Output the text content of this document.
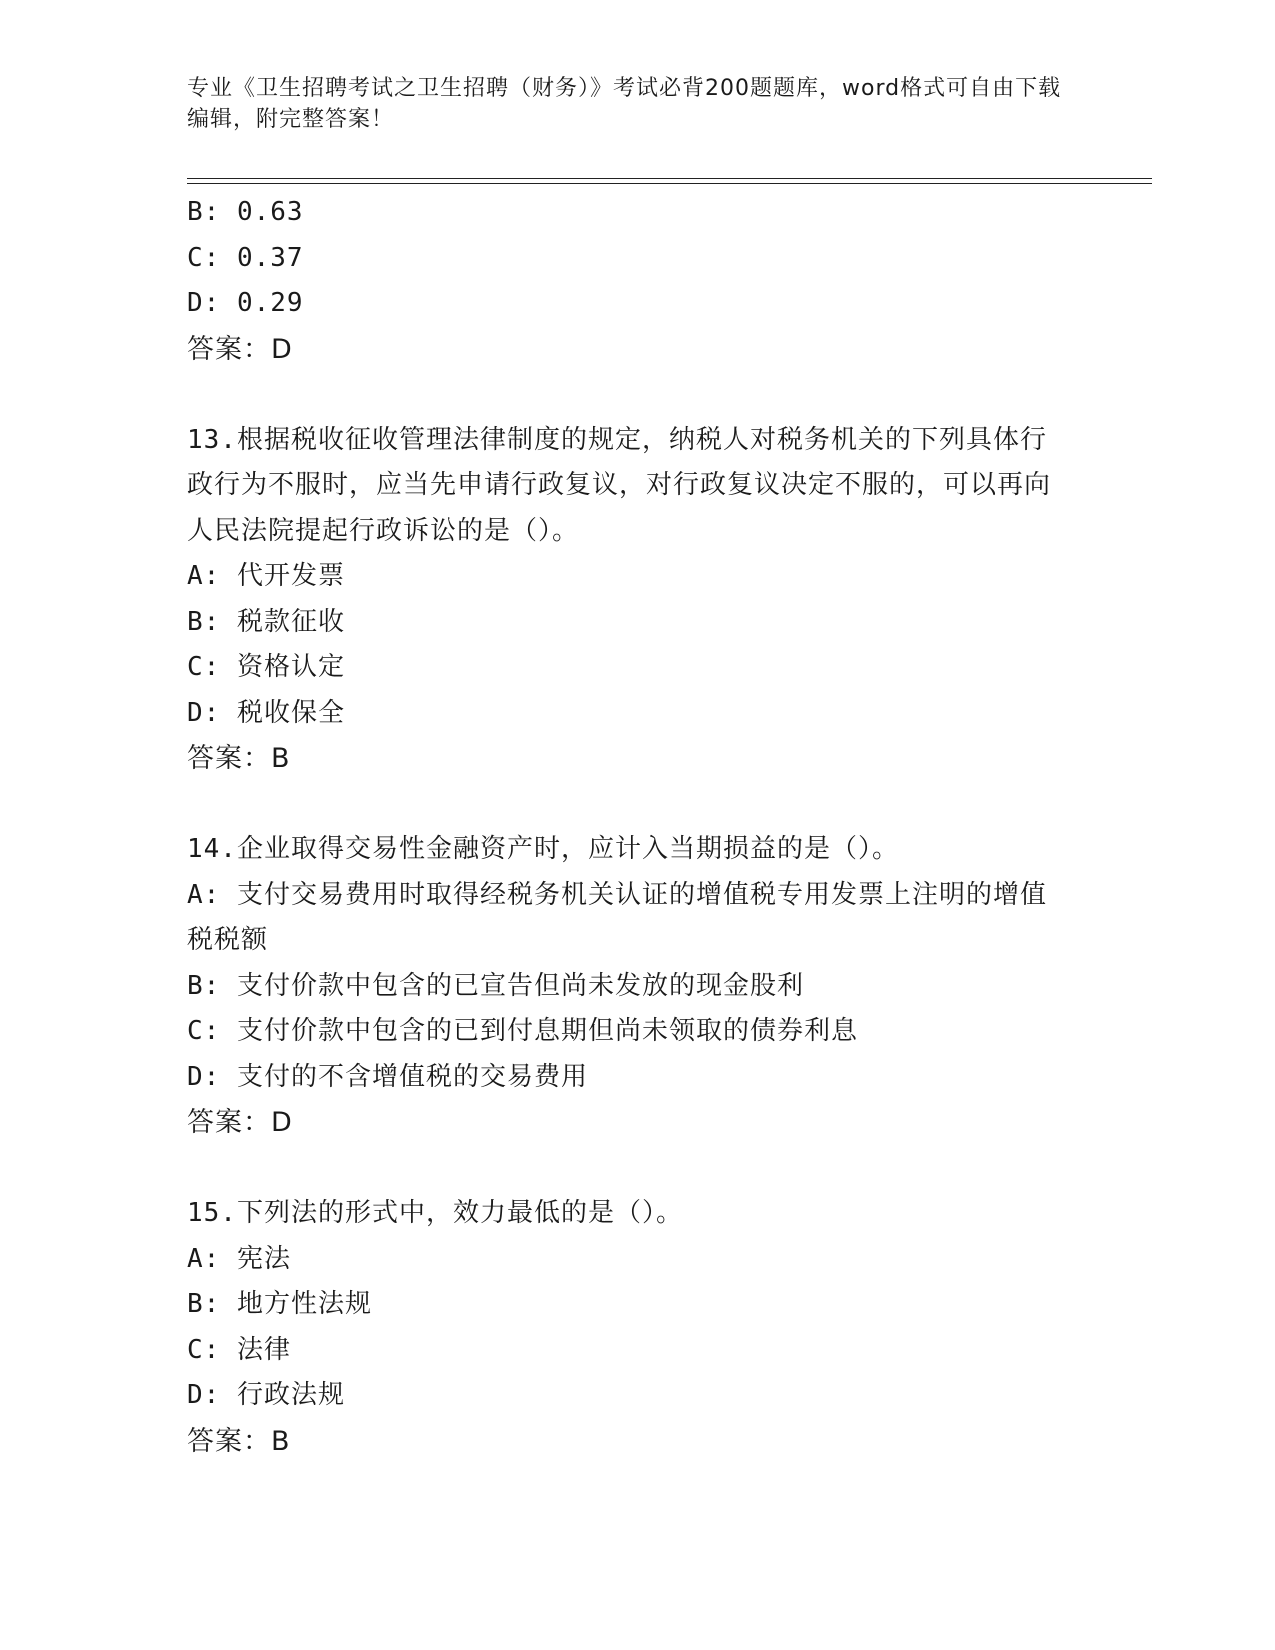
专业《卫生招聘考试之卫生招聘（财务）》考试必背200题题库，word格式可自由下载编辑，附完整答案！
B: 0.63
C: 0.37
D: 0.29
答案：D
13.根据税收征收管理法律制度的规定，纳税人对税务机关的下列具体行政行为不服时，应当先申请行政复议，对行政复议决定不服的，可以再向人民法院提起行政诉讼的是（）。
A: 代开发票
B: 税款征收
C: 资格认定
D: 税收保全
答案：B
14.企业取得交易性金融资产时，应计入当期损益的是（）。
A: 支付交易费用时取得经税务机关认证的增值税专用发票上注明的增值税税额
B: 支付价款中包含的已宣告但尚未发放的现金股利
C: 支付价款中包含的已到付息期但尚未领取的债券利息
D: 支付的不含增值税的交易费用
答案：D
15.下列法的形式中，效力最低的是（）。
A: 宪法
B: 地方性法规
C: 法律
D: 行政法规
答案：B
